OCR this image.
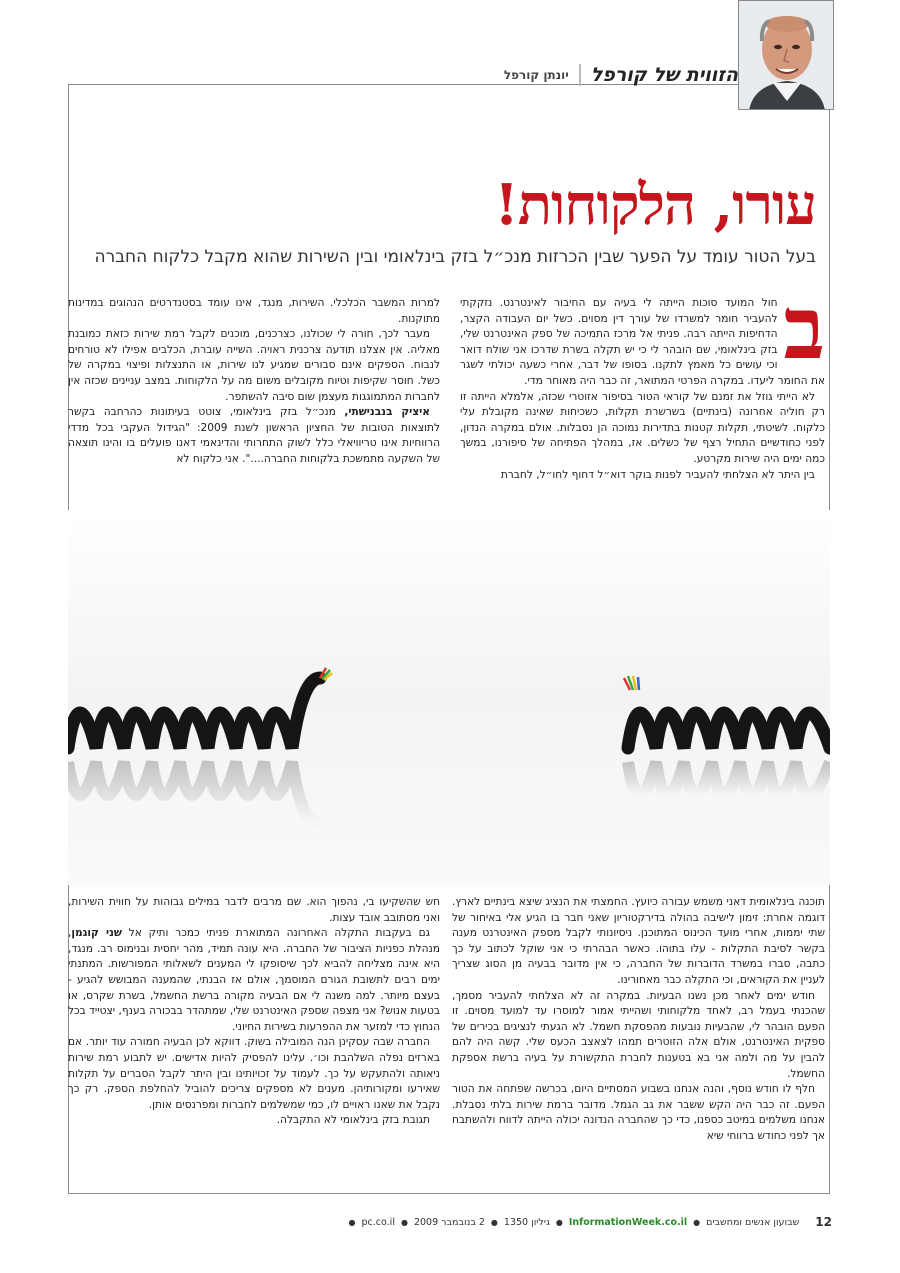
הזווית של קורפל
יונתן קורפל
עורו, הלקוחות!
בעל הטור עומד על הפער שבין הכרזות מנכ״ל בזק בינלאומי ובין השירות שהוא מקבל כלקוח החברה
ב

חול המועד סוכות הייתה לי בעיה עם החיבור לאינטרנט. נזקקתי להעביר חומר למשרדו של עורך דין מסוים. כשל יום העבודה הקצר, הדחיפות הייתה רבה. פניתי אל מרכז התמיכה של ספק האינטרנט שלי, בזק בינלאומי, שם הובהר לי כי יש תקלה בשרת שדרכו אני שולח דואר וכי עושים כל מאמץ לתקנו. בסופו של דבר, אחרי כשעה יכולתי לשגר את החומר ליעדו. במקרה הפרטי המתואר, זה כבר היה מאוחר מדי.

לא הייתי גוזל את זמנם של קוראי הטור בסיפור אזוטרי שכזה, אלמלא הייתה זו רק חוליה אחרונה (בינתיים) בשרשרת תקלות, כשכיחות שאינה מקובלת עלי כלקוח. לשיטתי, תקלות קטנות בתדירות נמוכה הן נסבלות. אולם במקרה הנדון, לפני כחודשיים התחיל רצף של כשלים. אז, במהלך הפתיחה של סיפורנו, במשך כמה ימים היה שירות מקרטע.

בין היתר לא הצלחתי להעביר לפנות בוקר דוא״ל דחוף לחו״ל, לחברת

למרות המשבר הכלכלי. השירות, מנגד, אינו עומד בסטנדרטים הנהוגים במדינות מתוקנות.

מעבר לכך, חורה לי שכולנו, כצרכנים, מוכנים לקבל רמת שירות כזאת כמובנת מאליה. אין אצלנו תודעה צרכנית ראויה. השייה עוברת, הכלבים אפילו לא טורחים לנבוח. הספקים אינם סבורים שמגיע לנו שירות, או התנצלות ופיצוי במקרה של כשל. חוסר שקיפות וטיוח מקובלים משום מה על הלקוחות. במצב עניינים שכזה אין לחברות המתמוגגות מעצמן שום סיבה להשתפר.

איציק בנבנישתי, מנכ״ל בזק בינלאומי, צוטט בעיתונות כהרחבה בקשר לתוצאות הטובות של החציון הראשון לשנת 2009: "הגידול העקבי בכל מדדי הרווחיות אינו טריוויאלי כלל לשוק התחרותי והדינאמי דאנו פועלים בו והינו תוצאה של השקעה מתמשכת בלקוחות החברה....". אני כלקוח לא

תוכנה בינלאומית דאני משמש עבורה כיועץ. החמצתי את הנציג שיצא בינתיים לארץ. דוגמה אחרת: זימון לישיבה בהולה בדירקטוריון שאני חבר בו הגיע אלי באיחור של שתי יממות, אחרי מועד הכינוס המתוכנן. ניסיונותי לקבל מספק האינטרנט מענה בקשר לסיבת התקלות - עלו בתוהו. כאשר הבהרתי כי אני שוקל לכתוב על כך כתבה, סברו במשרד הדוברות של החברה, כי אין מדובר בבעיה מן הסוג שצריך לעניין את הקוראים, וכי התקלה כבר מאחורינו.

חודש ימים לאחר מכן נשנו הבעיות. במקרה זה לא הצלחתי להעביר מסמך, שהכנתי בעמל רב, לאחד מלקוחותי ושהייתי אמור למוסרו עד למועד מסוים. זו הפעם הובהר לי, שהבעיות נובעות מהפסקת חשמל. לא הגעתי לנציגים בכירים של ספקית האינטרנט, אולם אלה הזוטרים תמהו לצאצב הכעס שלי. קשה היה להם להבין על מה ולמה אני בא בטענות לחברת התקשורת על בעיה ברשת אספקת החשמל.

חלף לו חודש נוסף, והנה אנחנו בשבוע המסתיים היום, בכרשה שפתחה את הטור הפעם. זה כבר היה הקש ששבר את גב הגמל. מדובר ברמת שירות בלתי נסבלת. אנחנו משלמים במיטב כספנו, כדי כך שהחברה הנדונה יכולה הייתה לדווח ולהשתבח אך לפני כחודש ברווחי שיא

חש שהשקיעו בי, נהפוך הוא. שם מרבים לדבר במילים גבוהות על חווית השירות, ואני מסתובב אובד עצות.

גם בעקבות התקלה האחרונה המתוארת פניתי כמכר ותיק אל שני קוגמן, מנהלת כפניות הציבור של החברה. היא עונה תמיד, מהר יחסית ובנימוס רב. מנגד, היא אינה מצליחה להביא לכך שיסופקו לי המענים לשאלותי המפורשות. המתנתי ימים רבים לתשובת הגורם המוסמך, אולם אז הבנתי, שהמענה המבושש להגיע - בעצם מיותר. למה משנה לי אם הבעיה מקורה ברשת החשמל, בשרת שקרס, או בטעות אנוש? אני מצפה שספק האינטרנט שלי, שמתהדר בבכורה בענף, יצטייד בכל הנחוץ כדי למזער את ההפרעות בשירות החיוני.

החברה שבה עסקינן הנה המובילה בשוק. דווקא לכן הבעיה חמורה עוד יותר. אם בארזים נפלה השלהבת וכו׳. עלינו להפסיק להיות אדישים. יש לתבוע רמת שירות ניאותה ולהתעקש על כך. לעמוד על זכויותינו ובין היתר לקבל הסברים על תקלות שאירעו ומקורותיהן. מענים לא מספקים צריכים להוביל להחלפת הספק. רק כך נקבל את שאנו ראויים לו, כמי שמשלמים לחברות ומפרנסים אותן.

תגובת בזק בינלאומי לא התקבלה.

12
שבועון אנשים ומחשבים
●
InformationWeek.co.il
●
גיליון 1350
●
2 בנובמבר 2009
●
pc.co.il
●
